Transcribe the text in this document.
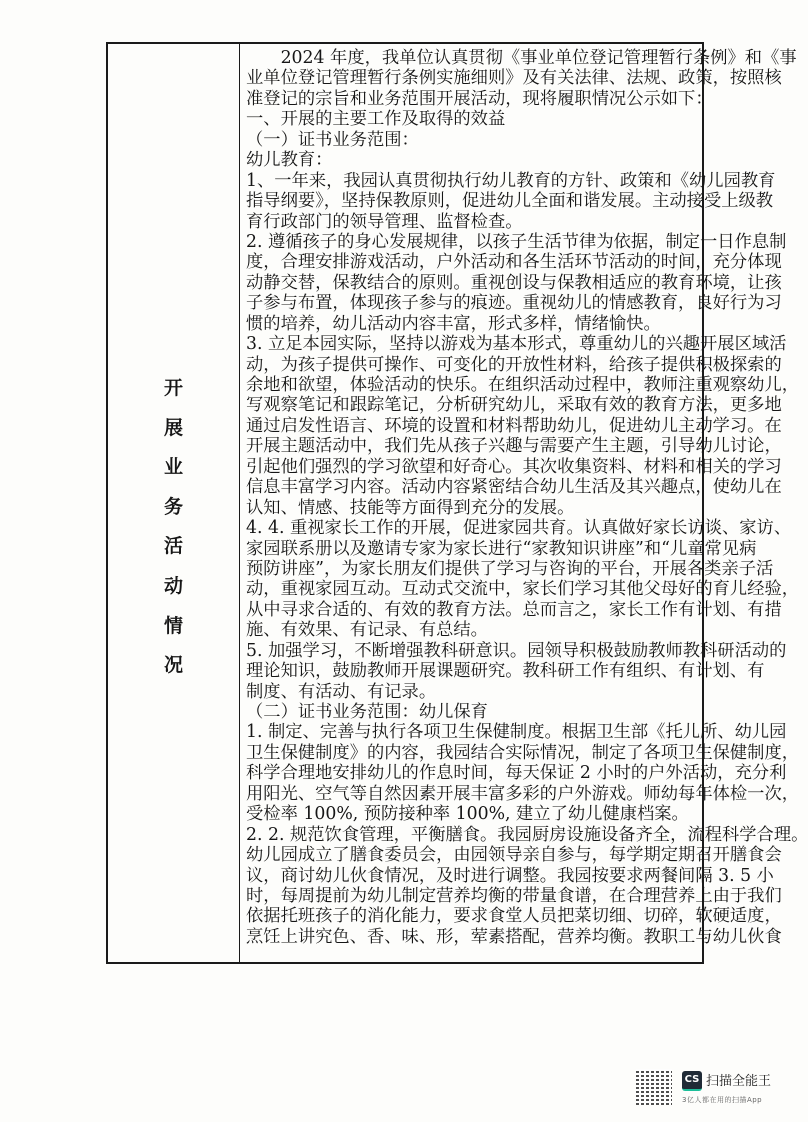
开
展
业
务
活
动
情
况
　　2024 年度，我单位认真贯彻《事业单位登记管理暂行条例》和《事
业单位登记管理暂行条例实施细则》及有关法律、法规、政策，按照核
准登记的宗旨和业务范围开展活动，现将履职情况公示如下：
一、开展的主要工作及取得的效益
（一）证书业务范围：
幼儿教育：
1、一年来，我园认真贯彻执行幼儿教育的方针、政策和《幼儿园教育
指导纲要》，坚持保教原则，促进幼儿全面和谐发展。主动接受上级教
育行政部门的领导管理、监督检查。
2. 遵循孩子的身心发展规律，以孩子生活节律为依据，制定一日作息制
度，合理安排游戏活动，户外活动和各生活环节活动的时间，充分体现
动静交替，保教结合的原则。重视创设与保教相适应的教育环境，让孩
子参与布置，体现孩子参与的痕迹。重视幼儿的情感教育，良好行为习
惯的培养，幼儿活动内容丰富，形式多样，情绪愉快。
3. 立足本园实际，坚持以游戏为基本形式，尊重幼儿的兴趣开展区域活
动，为孩子提供可操作、可变化的开放性材料，给孩子提供积极探索的
余地和欲望，体验活动的快乐。在组织活动过程中，教师注重观察幼儿，
写观察笔记和跟踪笔记，分析研究幼儿，采取有效的教育方法，更多地
通过启发性语言、环境的设置和材料帮助幼儿，促进幼儿主动学习。在
开展主题活动中，我们先从孩子兴趣与需要产生主题，引导幼儿讨论，
引起他们强烈的学习欲望和好奇心。其次收集资料、材料和相关的学习
信息丰富学习内容。活动内容紧密结合幼儿生活及其兴趣点，使幼儿在
认知、情感、技能等方面得到充分的发展。
4. 4. 重视家长工作的开展，促进家园共育。认真做好家长访谈、家访、
家园联系册以及邀请专家为家长进行“家教知识讲座”和“儿童常见病
预防讲座”，为家长朋友们提供了学习与咨询的平台，开展各类亲子活
动，重视家园互动。互动式交流中，家长们学习其他父母好的育儿经验，
从中寻求合适的、有效的教育方法。总而言之，家长工作有计划、有措
施、有效果、有记录、有总结。
5. 加强学习，不断增强教科研意识。园领导积极鼓励教师教科研活动的
理论知识，鼓励教师开展课题研究。教科研工作有组织、有计划、有
制度、有活动、有记录。
（二）证书业务范围：幼儿保育
1. 制定、完善与执行各项卫生保健制度。根据卫生部《托儿所、幼儿园
卫生保健制度》的内容，我园结合实际情况，制定了各项卫生保健制度，
科学合理地安排幼儿的作息时间，每天保证 2 小时的户外活动，充分利
用阳光、空气等自然因素开展丰富多彩的户外游戏。师幼每年体检一次，
受检率 100%, 预防接种率 100%, 建立了幼儿健康档案。
2. 2. 规范饮食管理，平衡膳食。我园厨房设施设备齐全，流程科学合理。
幼儿园成立了膳食委员会，由园领导亲自参与，每学期定期召开膳食会
议，商讨幼儿伙食情况，及时进行调整。我园按要求两餐间隔 3. 5 小
时，每周提前为幼儿制定营养均衡的带量食谱，在合理营养上由于我们
依据托班孩子的消化能力，要求食堂人员把菜切细、切碎，软硬适度，
烹饪上讲究色、香、味、形，荤素搭配，营养均衡。教职工与幼儿伙食
CS 扫描全能王
3亿人都在用的扫描App
